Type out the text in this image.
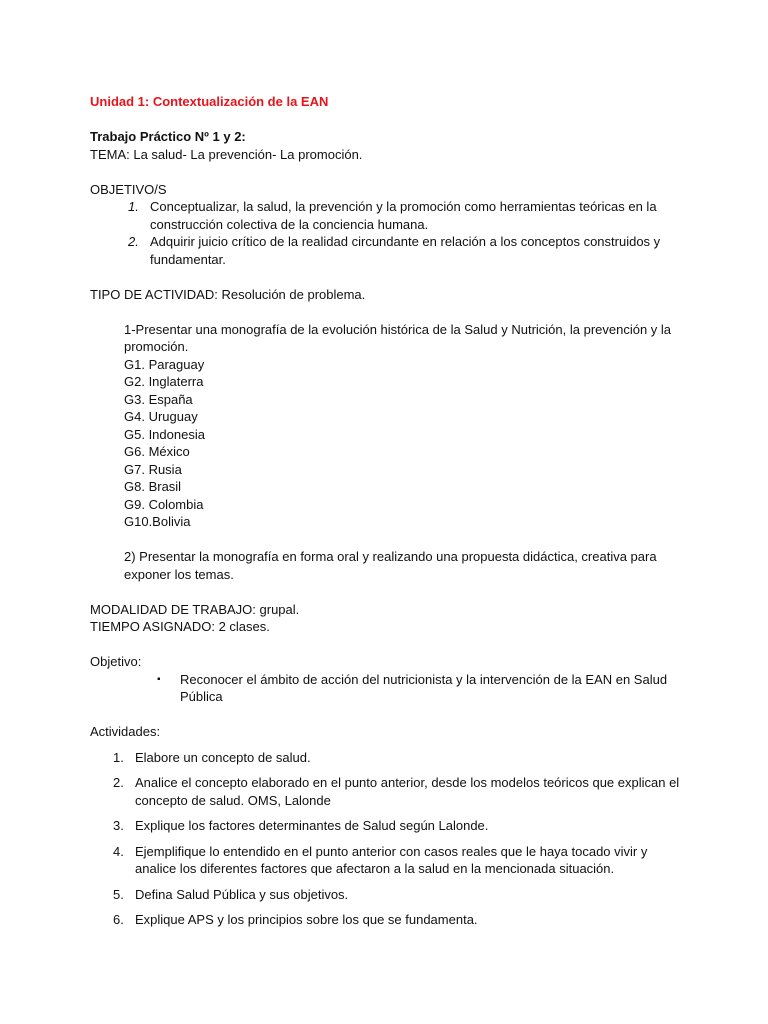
Unidad 1: Contextualización de la EAN
Trabajo Práctico Nº 1 y 2:
TEMA: La salud- La prevención- La promoción.
OBJETIVO/S
1. Conceptualizar, la salud, la prevención y la promoción como herramientas teóricas en la construcción colectiva de la conciencia humana.
2. Adquirir juicio crítico de la realidad circundante en relación a los conceptos construidos y fundamentar.
TIPO DE ACTIVIDAD: Resolución de problema.
1-Presentar una monografía de la evolución histórica de la Salud y Nutrición, la prevención y la promoción.
G1. Paraguay
G2. Inglaterra
G3. España
G4. Uruguay
G5. Indonesia
G6. México
G7. Rusia
G8. Brasil
G9. Colombia
G10.Bolivia
2) Presentar la monografía en forma oral y realizando una propuesta didáctica, creativa para exponer los temas.
MODALIDAD DE TRABAJO: grupal.
TIEMPO ASIGNADO: 2 clases.
Objetivo:
▪ Reconocer el ámbito de acción del nutricionista y la intervención de la EAN en Salud Pública
Actividades:
1. Elabore un concepto de salud.
2. Analice el concepto elaborado en el punto anterior, desde los modelos teóricos que explican el concepto de salud. OMS, Lalonde
3. Explique los factores determinantes de Salud según Lalonde.
4. Ejemplifique lo entendido en el punto anterior con casos reales que le haya tocado vivir y analice los diferentes factores que afectaron a la salud en la mencionada situación.
5. Defina Salud Pública y sus objetivos.
6. Explique APS y los principios sobre los que se fundamenta.
